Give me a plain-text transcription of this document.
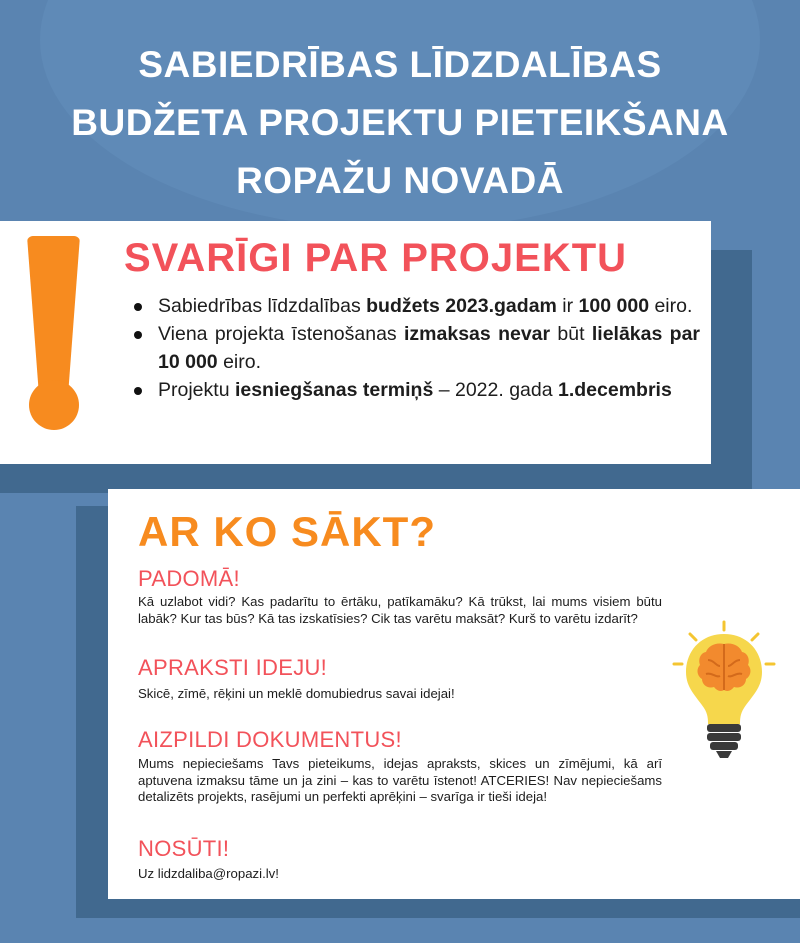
SABIEDRĪBAS LĪDZDALĪBAS
BUDŽETA PROJEKTU PIETEIKŠANA
ROPAŽU NOVADĀ
SVARĪGI PAR PROJEKTU
Sabiedrības līdzdalības budžets 2023.gadam ir 100 000 eiro.
Viena projekta īstenošanas izmaksas nevar būt lielākas par 10 000 eiro.
Projektu iesniegšanas termiņš – 2022. gada 1.decembris
AR KO SĀKT?
PADOMĀ!

Kā uzlabot vidi? Kas padarītu to ērtāku, patīkamāku? Kā trūkst, lai mums visiem būtu labāk? Kur tas būs? Kā tas izskatīsies? Cik tas varētu maksāt? Kurš to varētu izdarīt?

APRAKSTI IDEJU!

Skicē, zīmē, rēķini un meklē domubiedrus savai idejai!

AIZPILDI DOKUMENTUS!

Mums nepieciešams Tavs pieteikums, idejas apraksts, skices un zīmējumi, kā arī aptuvena izmaksu tāme un ja zini – kas to varētu īstenot! ATCERIES! Nav nepieciešams detalizēts projekts, rasējumi un perfekti aprēķini – svarīga ir tieši ideja!

NOSŪTI!

Uz lidzdaliba@ropazi.lv!
